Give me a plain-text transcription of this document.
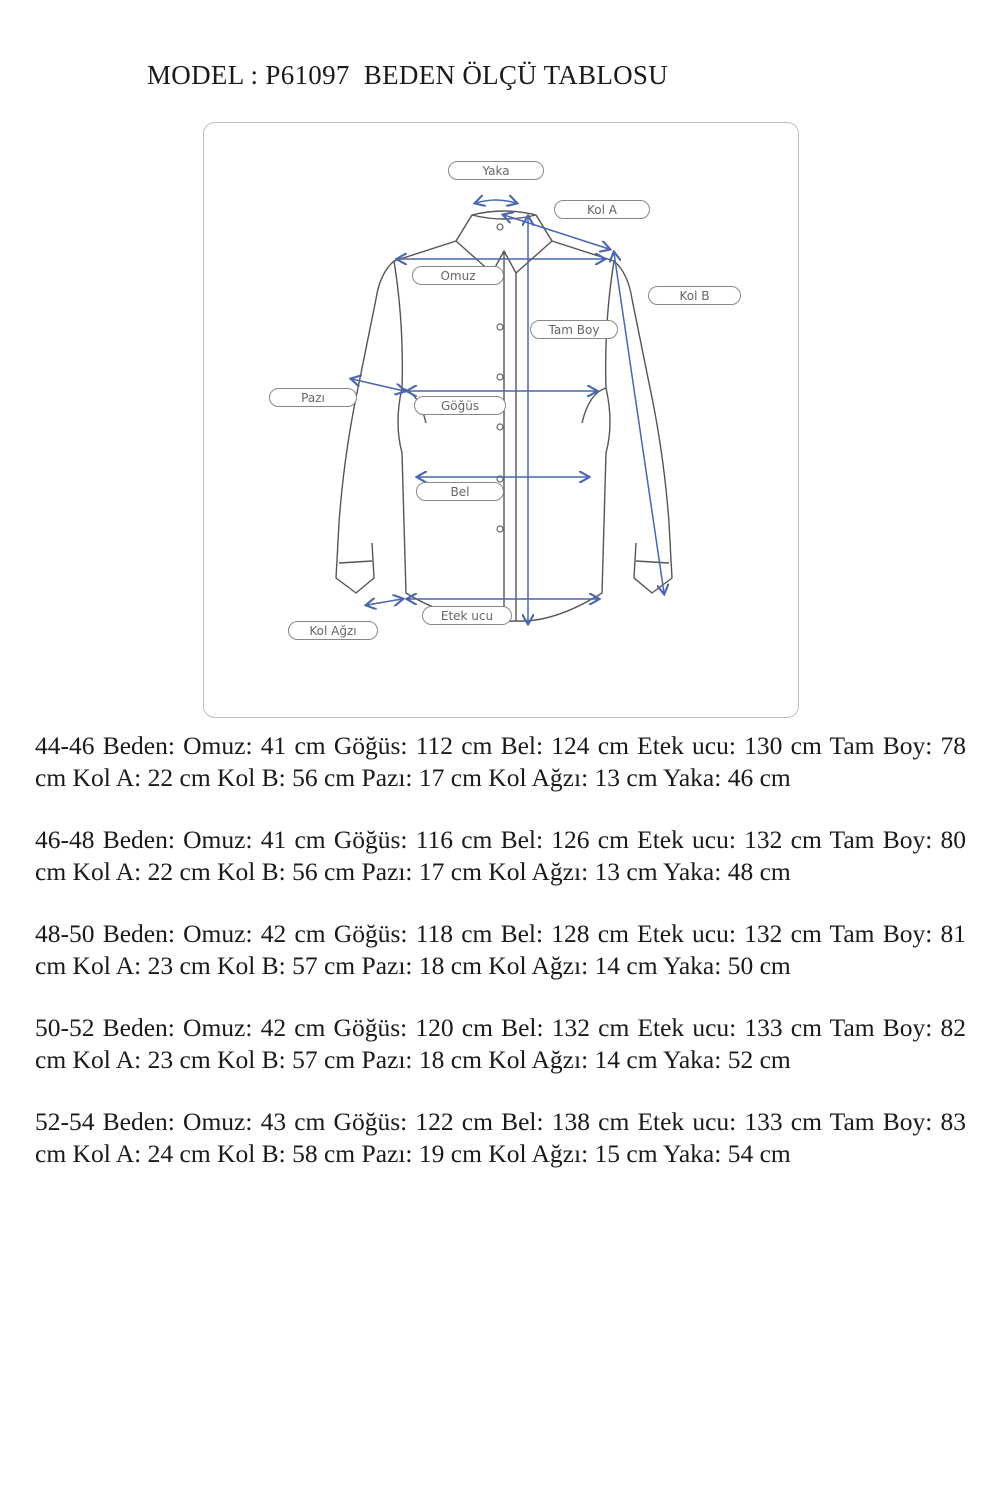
MODEL : P61097  BEDEN ÖLÇÜ TABLOSU
Yaka
Kol A
Kol B
Omuz
Tam Boy
Pazı
Göğüs
Bel
Etek ucu
Kol Ağzı

44-46 Beden: Omuz: 41 cm Göğüs: 112 cm Bel: 124 cm Etek ucu: 130 cm Tam Boy: 78 cm Kol A: 22 cm Kol B: 56 cm Pazı: 17 cm Kol Ağzı: 13 cm Yaka: 46 cm

46-48 Beden: Omuz: 41 cm Göğüs: 116 cm Bel: 126 cm Etek ucu: 132 cm Tam Boy: 80 cm Kol A: 22 cm Kol B: 56 cm Pazı: 17 cm Kol Ağzı: 13 cm Yaka: 48 cm

48-50 Beden: Omuz: 42 cm Göğüs: 118 cm Bel: 128 cm Etek ucu: 132 cm Tam Boy: 81 cm Kol A: 23 cm Kol B: 57 cm Pazı: 18 cm Kol Ağzı: 14 cm Yaka: 50 cm

50-52 Beden: Omuz: 42 cm Göğüs: 120 cm Bel: 132 cm Etek ucu: 133 cm Tam Boy: 82 cm Kol A: 23 cm Kol B: 57 cm Pazı: 18 cm Kol Ağzı: 14 cm Yaka: 52 cm

52-54 Beden: Omuz: 43 cm Göğüs: 122 cm Bel: 138 cm Etek ucu: 133 cm Tam Boy: 83 cm Kol A: 24 cm Kol B: 58 cm Pazı: 19 cm Kol Ağzı: 15 cm Yaka: 54 cm
